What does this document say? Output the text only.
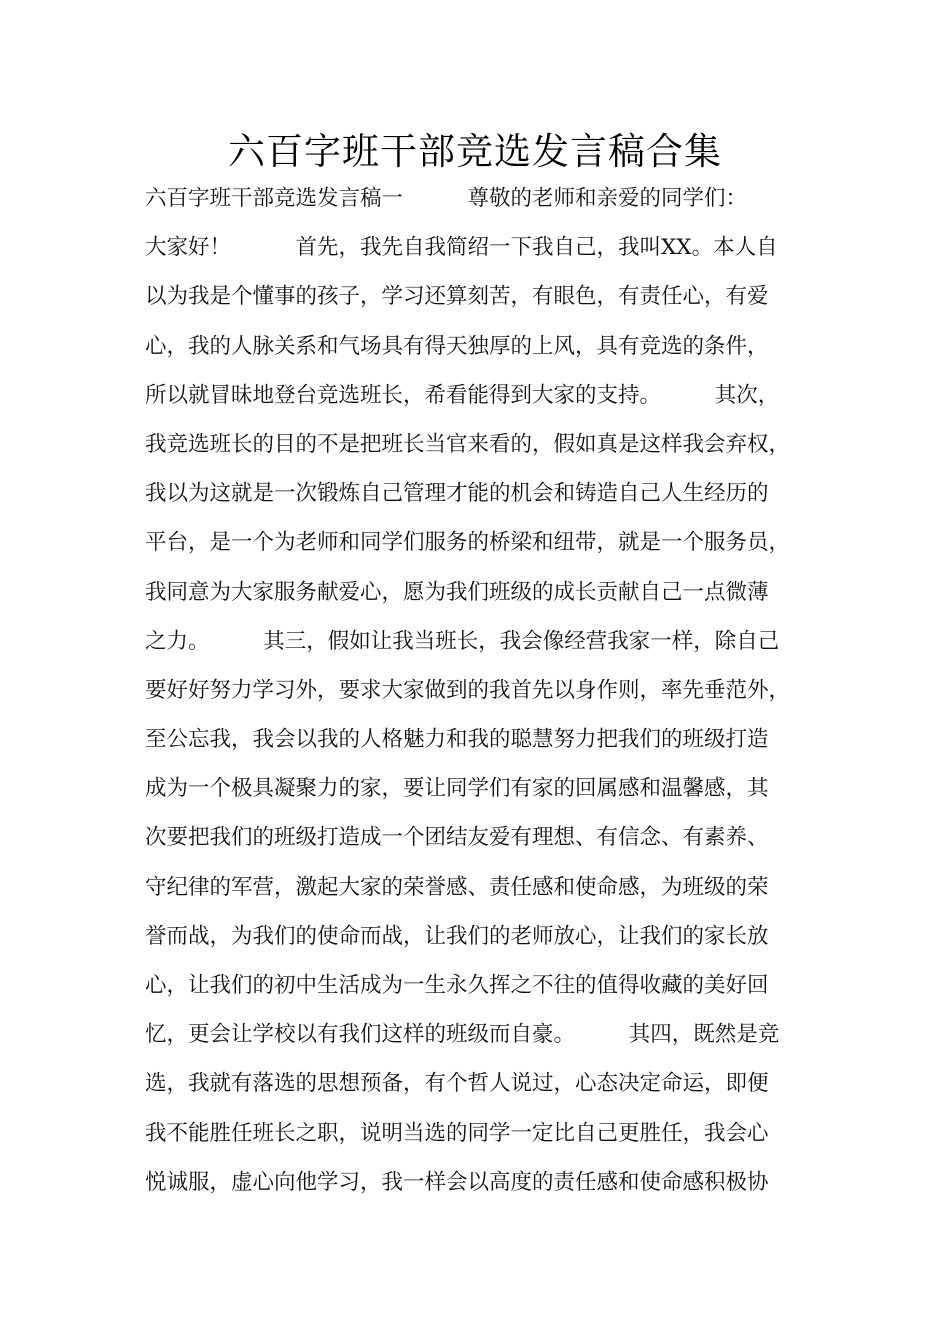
六百字班干部竞选发言稿合集
六百字班干部竞选发言稿一　　　尊敬的老师和亲爱的同学们：
大家好！　　　首先，我先自我简绍一下我自己，我叫XX。本人自
以为我是个懂事的孩子，学习还算刻苦，有眼色，有责任心，有爱
心，我的人脉关系和气场具有得天独厚的上风，具有竞选的条件，
所以就冒昧地登台竞选班长，希看能得到大家的支持。　　　其次，
我竞选班长的目的不是把班长当官来看的，假如真是这样我会弃权，
我以为这就是一次锻炼自己管理才能的机会和铸造自己人生经历的
平台，是一个为老师和同学们服务的桥梁和纽带，就是一个服务员，
我同意为大家服务献爱心，愿为我们班级的成长贡献自己一点微薄
之力。　　　其三，假如让我当班长，我会像经营我家一样，除自己
要好好努力学习外，要求大家做到的我首先以身作则，率先垂范外，
至公忘我，我会以我的人格魅力和我的聪慧努力把我们的班级打造
成为一个极具凝聚力的家，要让同学们有家的回属感和温馨感，其
次要把我们的班级打造成一个团结友爱有理想、有信念、有素养、
守纪律的军营，激起大家的荣誉感、责任感和使命感，为班级的荣
誉而战，为我们的使命而战，让我们的老师放心，让我们的家长放
心，让我们的初中生活成为一生永久挥之不往的值得收藏的美好回
忆，更会让学校以有我们这样的班级而自豪。　　　其四，既然是竞
选，我就有落选的思想预备，有个哲人说过，心态决定命运，即便
我不能胜任班长之职，说明当选的同学一定比自己更胜任，我会心
悦诚服，虚心向他学习，我一样会以高度的责任感和使命感积极协
